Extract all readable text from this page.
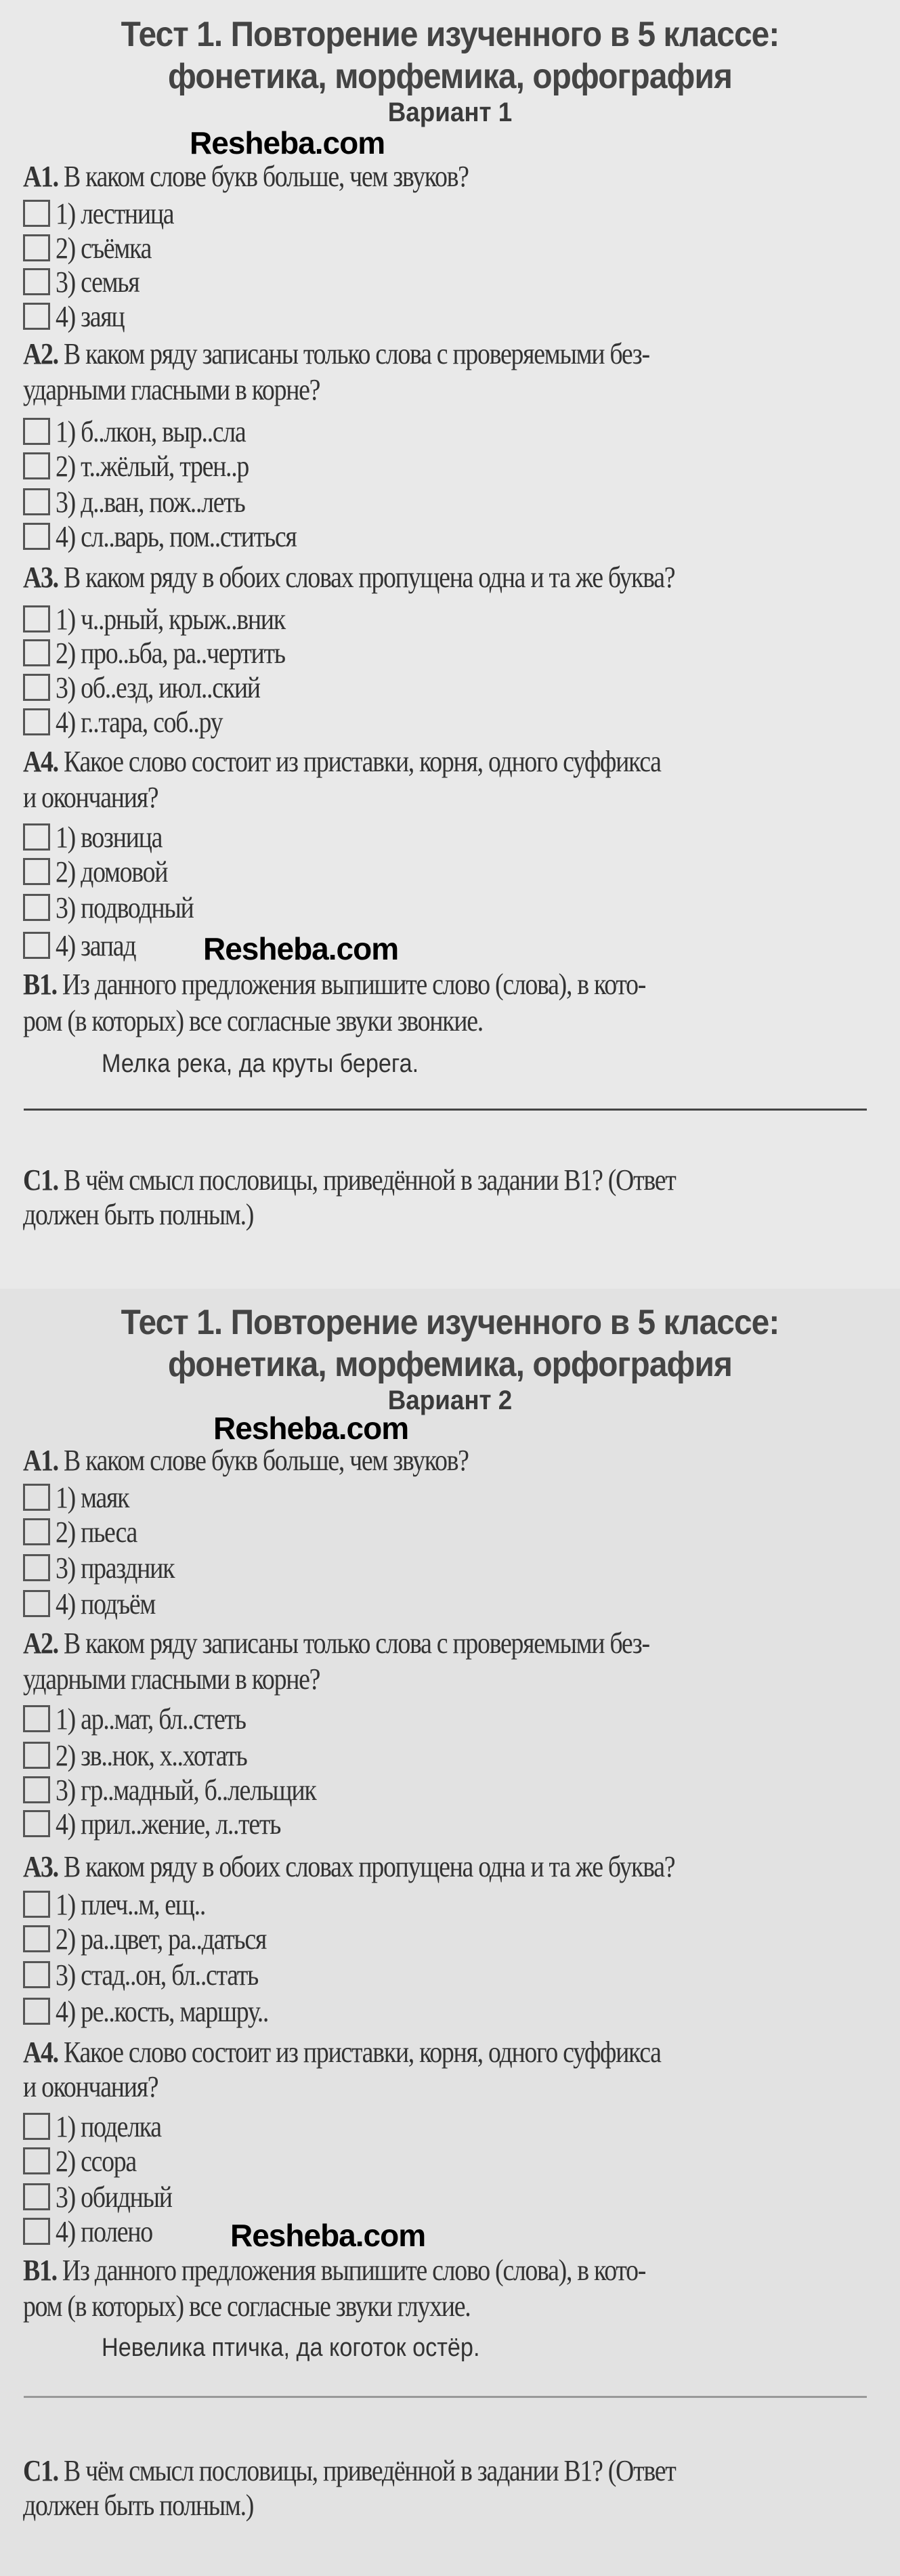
Тест 1. Повторение изученного в 5 классе:
фонетика, морфемика, орфография
Вариант 1
Resheba.com
А1. В каком слове букв больше, чем звуков?
1) лестница
2) съёмка
3) семья
4) заяц
А2. В каком ряду записаны только слова с проверяемыми без-
ударными гласными в корне?
1) б..лкон, выр..сла
2) т..жёлый, трен..р
3) д..ван, пож..леть
4) сл..варь, пом..ститься
А3. В каком ряду в обоих словах пропущена одна и та же буква?
1) ч..рный, крыж..вник
2) про..ьба, ра..чертить
3) об..езд, июл..ский
4) г..тара, соб..ру
А4. Какое слово состоит из приставки, корня, одного суффикса
и окончания?
1) возница
2) домовой
3) подводный
4) запад Resheba.com
В1. Из данного предложения выпишите слово (слова), в кото-
ром (в которых) все согласные звуки звонкие.
Мелка река, да круты берега.
С1. В чём смысл пословицы, приведённой в задании В1? (Ответ
должен быть полным.)
Тест 1. Повторение изученного в 5 классе:
фонетика, морфемика, орфография
Вариант 2
Resheba.com
А1. В каком слове букв больше, чем звуков?
1) маяк
2) пьеса
3) праздник
4) подъём
А2. В каком ряду записаны только слова с проверяемыми без-
ударными гласными в корне?
1) ар..мат, бл..стеть
2) зв..нок, х..хотать
3) гр..мадный, б..лельщик
4) прил..жение, л..теть
А3. В каком ряду в обоих словах пропущена одна и та же буква?
1) плеч..м, ещ..
2) ра..цвет, ра..даться
3) стад..он, бл..стать
4) ре..кость, маршру..
А4. Какое слово состоит из приставки, корня, одного суффикса
и окончания?
1) поделка
2) ссора
3) обидный
4) полено	Resheba.com
В1. Из данного предложения выпишите слово (слова), в кото-
ром (в которых) все согласные звуки глухие.
Невелика птичка, да коготок остёр.
С1. В чём смысл пословицы, приведённой в задании В1? (Ответ
должен быть полным.)
